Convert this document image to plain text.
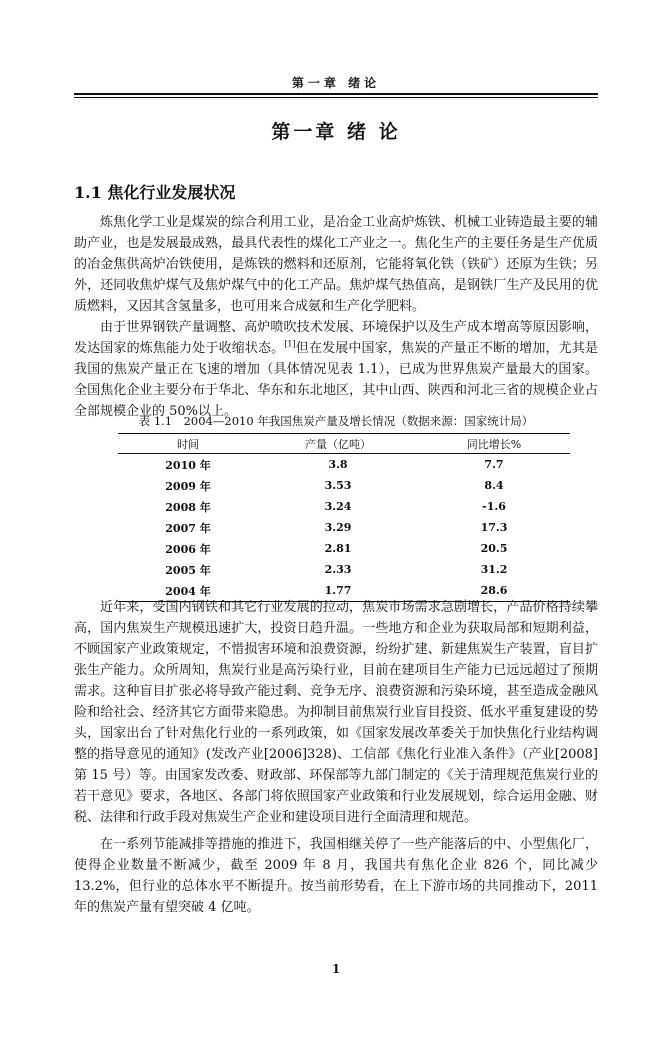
第一章 绪论
第一章 绪 论
1.1 焦化行业发展状况

炼焦化学工业是煤炭的综合利用工业，是冶金工业高炉炼铁、机械工业铸造最主要的辅助产业，也是发展最成熟，最具代表性的煤化工产业之一。焦化生产的主要任务是生产优质的冶金焦供高炉冶铁使用，是炼铁的燃料和还原剂，它能将氧化铁（铁矿）还原为生铁；另外，还同收焦炉煤气及焦炉煤气中的化工产品。焦炉煤气热值高，是钢铁厂生产及民用的优质燃料，又因其含氢量多，也可用来合成氨和生产化学肥料。

由于世界钢铁产量调整、高炉喷吹技术发展、环境保护以及生产成本增高等原因影响，发达国家的炼焦能力处于收缩状态。[1]但在发展中国家，焦炭的产量正不断的增加，尤其是我国的焦炭产量正在飞速的增加（具体情况见表 1.1），已成为世界焦炭产量最大的国家。全国焦化企业主要分布于华北、华东和东北地区，其中山西、陕西和河北三省的规模企业占全部规模企业的 50%以上。

表 1.1　2004—2010 年我国焦炭产量及增长情况（数据来源：国家统计局）
时间	产量（亿吨）	同比增长%
2010 年	3.8	7.7
2009 年	3.53	8.4
2008 年	3.24	-1.6
2007 年	3.29	17.3
2006 年	2.81	20.5
2005 年	2.33	31.2
2004 年	1.77	28.6

近年来，受国内钢铁和其它行业发展的拉动，焦炭市场需求急剧增长，产品价格持续攀高，国内焦炭生产规模迅速扩大，投资日趋升温。一些地方和企业为获取局部和短期利益，不顾国家产业政策规定，不惜损害环境和浪费资源，纷纷扩建、新建焦炭生产装置，盲目扩张生产能力。众所周知，焦炭行业是高污染行业，目前在建项目生产能力已远远超过了预期需求。这种盲目扩张必将导致产能过剩、竞争无序、浪费资源和污染环境，甚至造成金融风险和给社会、经济其它方面带来隐患。为抑制目前焦炭行业盲目投资、低水平重复建设的势头，国家出台了针对焦化行业的一系列政策，如《国家发展改革委关于加快焦化行业结构调整的指导意见的通知》(发改产业[2006]328)、工信部《焦化行业准入条件》（产业[2008]第 15 号）等。由国家发改委、财政部、环保部等九部门制定的《关于清理规范焦炭行业的若干意见》要求，各地区、各部门将依照国家产业政策和行业发展规划，综合运用金融、财税、法律和行政手段对焦炭生产企业和建设项目进行全面清理和规范。

在一系列节能减排等措施的推进下，我国相继关停了一些产能落后的中、小型焦化厂，使得企业数量不断减少，截至 2009 年 8 月，我国共有焦化企业 826 个，同比减少13.2%，但行业的总体水平不断提升。按当前形势看，在上下游市场的共同推动下，2011年的焦炭产量有望突破 4 亿吨。

1
